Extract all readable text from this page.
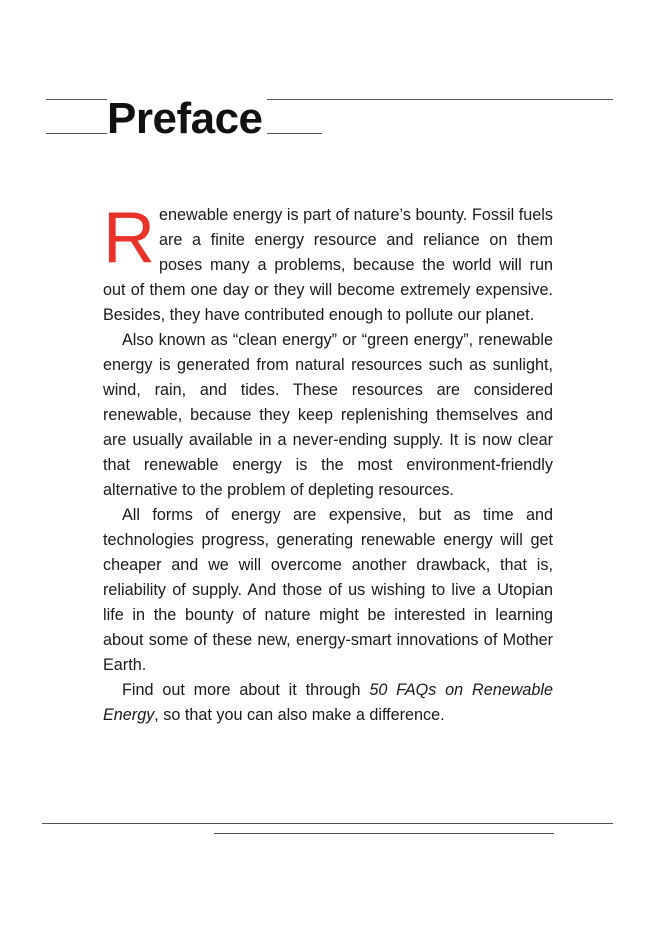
Preface

Renewable energy is part of nature’s bounty. Fossil fuels are a finite energy resource and reliance on them poses many a problems, because the world will run out of them one day or they will become extremely expensive. Besides, they have contributed enough to pollute our planet.

Also known as “clean energy” or “green energy”, renewable energy is generated from natural resources such as sunlight, wind, rain, and tides. These resources are considered renewable, because they keep replenishing themselves and are usually available in a never-ending supply. It is now clear that renewable energy is the most environment-friendly alternative to the problem of depleting resources.

All forms of energy are expensive, but as time and technologies progress, generating renewable energy will get cheaper and we will overcome another drawback, that is, reliability of supply. And those of us wishing to live a Utopian life in the bounty of nature might be interested in learning about some of these new, energy-smart innovations of Mother Earth.

Find out more about it through 50 FAQs on Renewable Energy, so that you can also make a difference.
